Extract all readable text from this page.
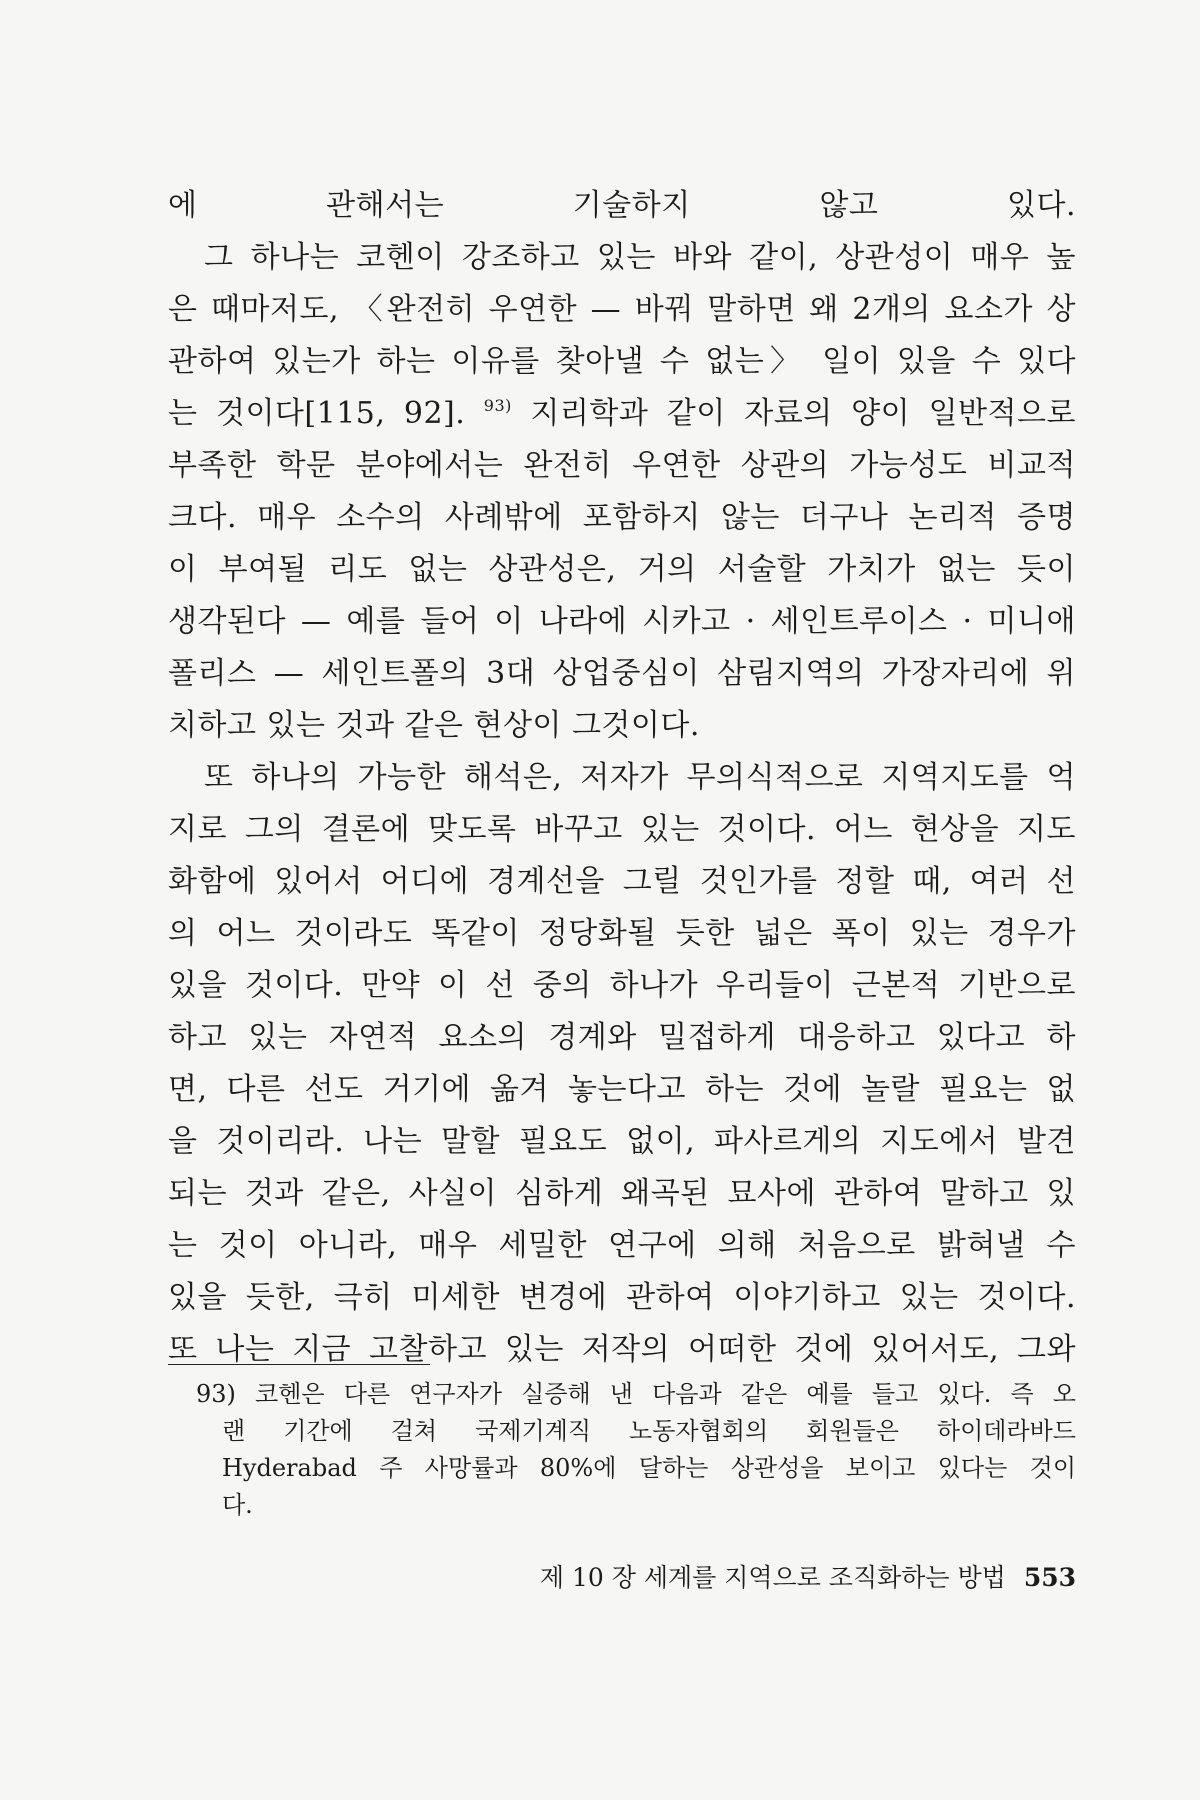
에 관해서는 기술하지 않고 있다.
그 하나는 코헨이 강조하고 있는 바와 같이, 상관성이 매우 높
은 때마저도, 〈완전히 우연한 — 바꿔 말하면 왜 2개의 요소가 상
관하여 있는가 하는 이유를 찾아낼 수 없는〉 일이 있을 수 있다
는 것이다[115, 92]. $^{93)}$ 지리학과 같이 자료의 양이 일반적으로
부족한 학문 분야에서는 완전히 우연한 상관의 가능성도 비교적
크다. 매우 소수의 사례밖에 포함하지 않는 더구나 논리적 증명
이 부여될 리도 없는 상관성은, 거의 서술할 가치가 없는 듯이
생각된다 — 예를 들어 이 나라에 시카고 · 세인트루이스 · 미니애
폴리스 — 세인트폴의 3대 상업중심이 삼림지역의 가장자리에 위
치하고 있는 것과 같은 현상이 그것이다.
또 하나의 가능한 해석은, 저자가 무의식적으로 지역지도를 억
지로 그의 결론에 맞도록 바꾸고 있는 것이다. 어느 현상을 지도
화함에 있어서 어디에 경계선을 그릴 것인가를 정할 때, 여러 선
의 어느 것이라도 똑같이 정당화될 듯한 넓은 폭이 있는 경우가
있을 것이다. 만약 이 선 중의 하나가 우리들이 근본적 기반으로
하고 있는 자연적 요소의 경계와 밀접하게 대응하고 있다고 하
면, 다른 선도 거기에 옮겨 놓는다고 하는 것에 놀랄 필요는 없
을 것이리라. 나는 말할 필요도 없이, 파사르게의 지도에서 발견
되는 것과 같은, 사실이 심하게 왜곡된 묘사에 관하여 말하고 있
는 것이 아니라, 매우 세밀한 연구에 의해 처음으로 밝혀낼 수
있을 듯한, 극히 미세한 변경에 관하여 이야기하고 있는 것이다.
또 나는 지금 고찰하고 있는 저작의 어떠한 것에 있어서도, 그와
93) 코헨은 다른 연구자가 실증해 낸 다음과 같은 예를 들고 있다. 즉 오
랜 기간에 걸쳐 국제기계직 노동자협회의 회원들은 하이데라바드
Hyderabad 주 사망률과 80%에 달하는 상관성을 보이고 있다는 것이
다.
제 10 장 세계를 지역으로 조직화하는 방법 553
